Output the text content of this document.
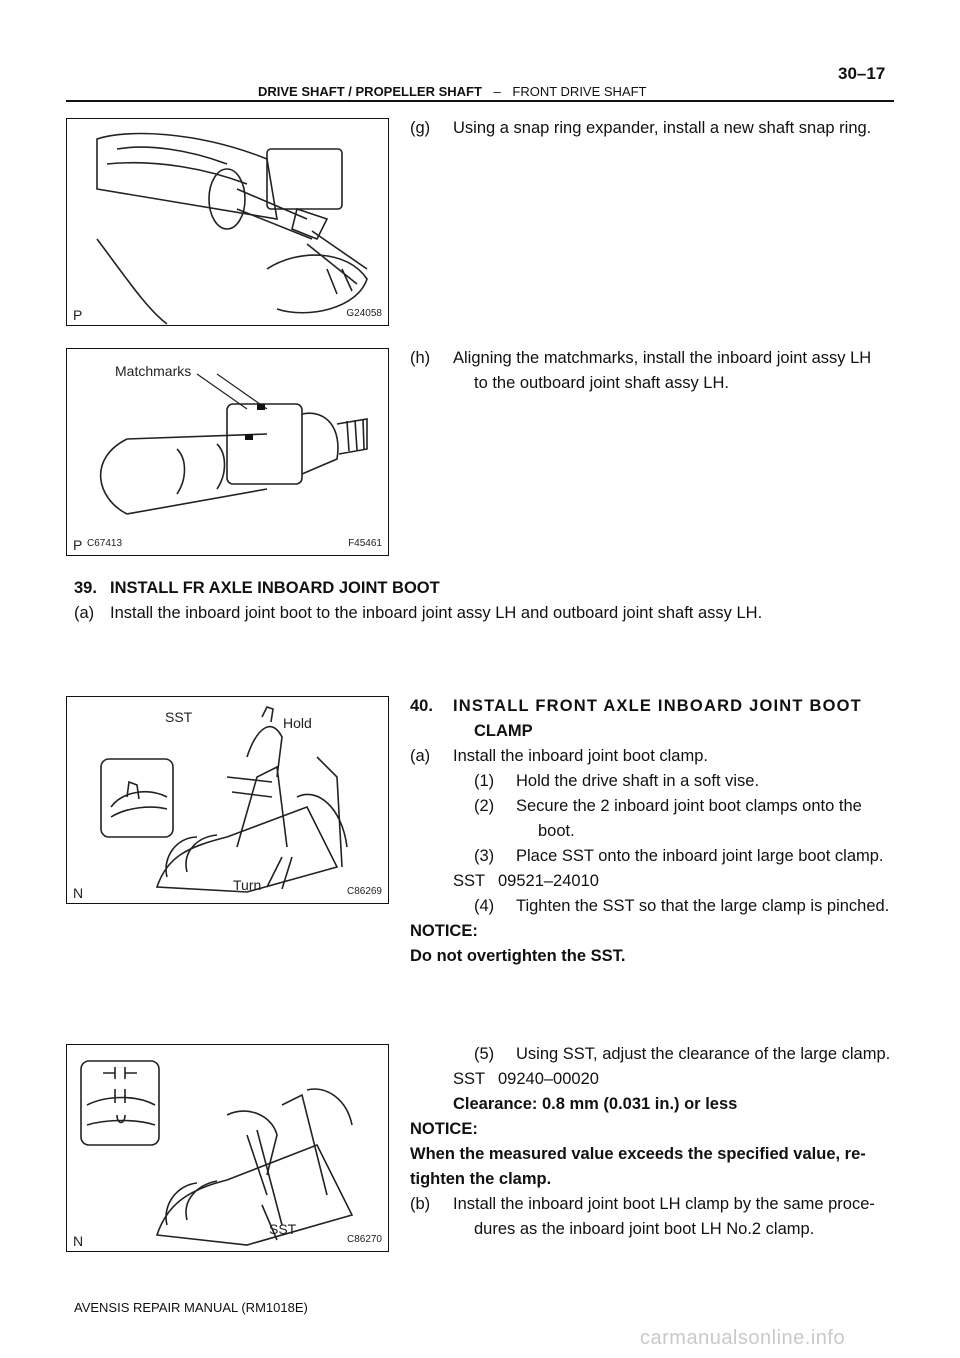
30–17
DRIVE SHAFT / PROPELLER SHAFT – FRONT DRIVE SHAFT
P	G24058
(g) Using a snap ring expander, install a new shaft snap ring.
Matchmarks
P C67413	F45461
(h) Aligning the matchmarks, install the inboard joint assy LH
to the outboard joint shaft assy LH.
39. INSTALL FR AXLE INBOARD JOINT BOOT
(a) Install the inboard joint boot to the inboard joint assy LH and outboard joint shaft assy LH.
SST	Hold
Turn
N	C86269
40. INSTALL FRONT AXLE INBOARD JOINT BOOT
CLAMP
(a) Install the inboard joint boot clamp.
(1) Hold the drive shaft in a soft vise.
(2) Secure the 2 inboard joint boot clamps onto the
boot.
(3) Place SST onto the inboard joint large boot clamp.
SST 09521–24010
(4) Tighten the SST so that the large clamp is pinched.
NOTICE:
Do not overtighten the SST.
SST
N	C86270
(5) Using SST, adjust the clearance of the large clamp.
SST 09240–00020
Clearance: 0.8 mm (0.031 in.) or less
NOTICE:
When the measured value exceeds the specified value, re-
tighten the clamp.
(b) Install the inboard joint boot LH clamp by the same proce-
dures as the inboard joint boot LH No.2 clamp.
AVENSIS REPAIR MANUAL (RM1018E)
carmanualsonline.info
